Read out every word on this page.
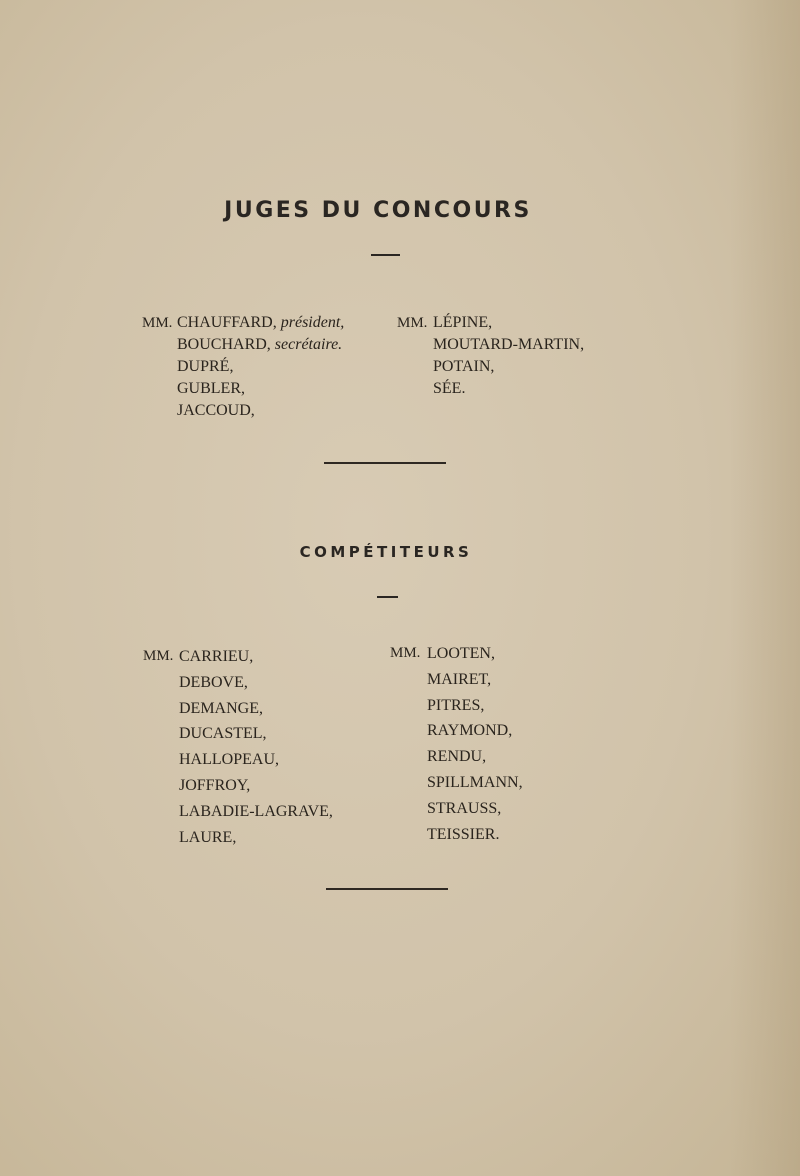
JUGES DU CONCOURS
MM. CHAUFFARD, président,
BOUCHARD, secrétaire.
DUPRÉ,
GUBLER,
JACCOUD,
MM. LÉPINE,
MOUTARD-MARTIN,
POTAIN,
SÉE.
COMPÉTITEURS
MM. CARRIEU,
DEBOVE,
DEMANGE,
DUCASTEL,
HALLOPEAU,
JOFFROY,
LABADIE-LAGRAVE,
LAURE,
MM. LOOTEN,
MAIRET,
PITRES,
RAYMOND,
RENDU,
SPILLMANN,
STRAUSS,
TEISSIER.
